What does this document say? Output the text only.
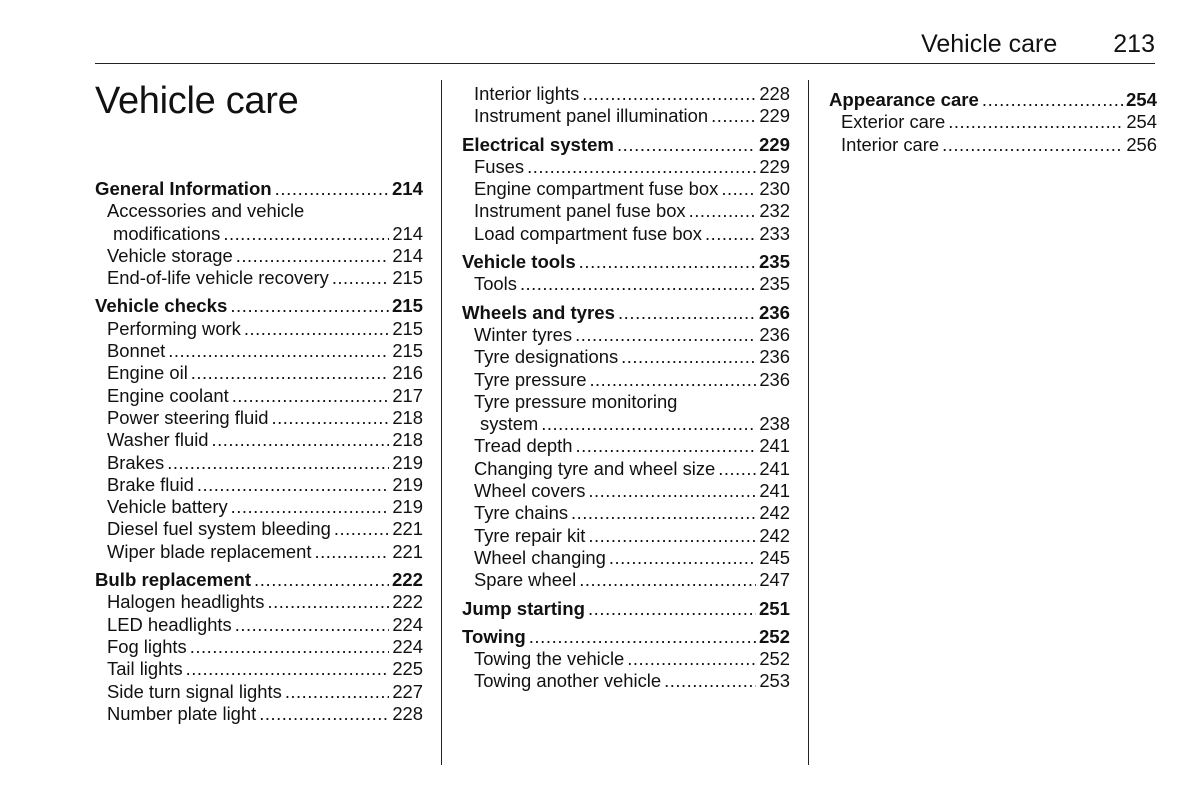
Vehicle care 213
Vehicle care
General Information . . .	214
Accessories and vehicle
modifications . . .	214
Vehicle storage . . .	214
End-of-life vehicle recovery . . .	215
Vehicle checks . . .	215
Performing work . . .	215
Bonnet . . .	215
Engine oil . . .	216
Engine coolant . . .	217
Power steering fluid . . .	218
Washer fluid . . .	218
Brakes . . .	219
Brake fluid . . .	219
Vehicle battery . . .	219
Diesel fuel system bleeding . . .	221
Wiper blade replacement . . .	221
Bulb replacement . . .	222
Halogen headlights . . .	222
LED headlights . . .	224
Fog lights . . .	224
Tail lights . . .	225
Side turn signal lights . . .	227
Number plate light . . .	228
Interior lights . . .	228
Instrument panel illumination . . .	229
Electrical system . . .	229
Fuses . . .	229
Engine compartment fuse box . . . 230
Instrument panel fuse box . . .	232
Load compartment fuse box . . .	233
Vehicle tools . . .	235
Tools . . .	235
Wheels and tyres . . .	236
Winter tyres . . .	236
Tyre designations . . .	236
Tyre pressure . . .	236
Tyre pressure monitoring
system . . .	238
Tread depth . . .	241
Changing tyre and wheel size . . . 241
Wheel covers . . .	241
Tyre chains . . .	242
Tyre repair kit . . .	242
Wheel changing . . .	245
Spare wheel . . .	247
Jump starting . . .	251
Towing . . .	252
Towing the vehicle . . .	252
Towing another vehicle . . .	253
Appearance care . . .	254
Exterior care . . .	254
Interior care . . .	256
